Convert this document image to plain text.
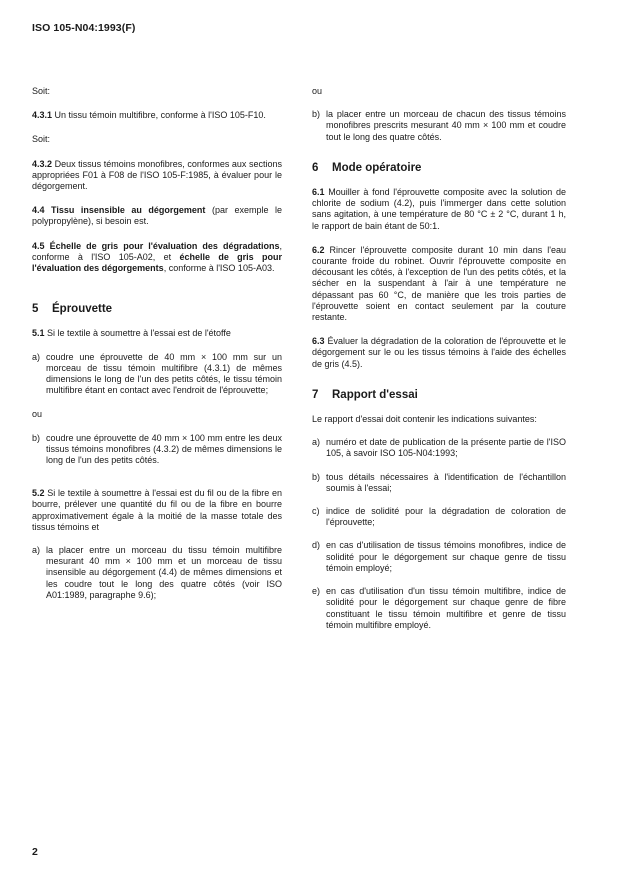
ISO 105-N04:1993(F)

Soit:

4.3.1 Un tissu témoin multifibre, conforme à l'ISO 105-F10.

Soit:

4.3.2 Deux tissus témoins monofibres, conformes aux sections appropriées F01 à F08 de l'ISO 105-F:1985, à évaluer pour le dégorgement.

4.4 Tissu insensible au dégorgement (par exemple le polypropylène), si besoin est.

4.5 Échelle de gris pour l'évaluation des dégradations, conforme à l'ISO 105-A02, et échelle de gris pour l'évaluation des dégorgements, conforme à l'ISO 105-A03.

5 Éprouvette

5.1 Si le textile à soumettre à l'essai est de l'étoffe

a) coudre une éprouvette de 40 mm × 100 mm sur un morceau de tissu témoin multifibre (4.3.1) de mêmes dimensions le long de l'un des petits côtés, le tissu témoin multifibre étant en contact avec l'endroit de l'éprouvette;

ou

b) coudre une éprouvette de 40 mm × 100 mm entre les deux tissus témoins monofibres (4.3.2) de mêmes dimensions le long de l'un des petits côtés.

5.2 Si le textile à soumettre à l'essai est du fil ou de la fibre en bourre, prélever une quantité du fil ou de la fibre en bourre approximativement égale à la moitié de la masse totale des tissus témoins et

a) la placer entre un morceau du tissu témoin multifibre mesurant 40 mm × 100 mm et un morceau de tissu insensible au dégorgement (4.4) de mêmes dimensions et les coudre tout le long des quatre côtés (voir ISO A01:1989, paragraphe 9.6);

ou

b) la placer entre un morceau de chacun des tissus témoins monofibres prescrits mesurant 40 mm × 100 mm et coudre tout le long des quatre côtés.

6 Mode opératoire

6.1 Mouiller à fond l'éprouvette composite avec la solution de chlorite de sodium (4.2), puis l'immerger dans cette solution sans agitation, à une température de 80 °C ± 2 °C, durant 1 h, le rapport de bain étant de 50:1.

6.2 Rincer l'éprouvette composite durant 10 min dans l'eau courante froide du robinet. Ouvrir l'éprouvette composite en décousant les côtés, à l'exception de l'un des petits côtés, et la sécher en la suspendant à l'air à une température ne dépassant pas 60 °C, de manière que les trois parties de l'éprouvette soient en contact seulement par la couture restante.

6.3 Évaluer la dégradation de la coloration de l'éprouvette et le dégorgement sur le ou les tissus témoins à l'aide des échelles de gris (4.5).

7 Rapport d'essai

Le rapport d'essai doit contenir les indications suivantes:

a) numéro et date de publication de la présente partie de l'ISO 105, à savoir ISO 105-N04:1993;
b) tous détails nécessaires à l'identification de l'échantillon soumis à l'essai;
c) indice de solidité pour la dégradation de coloration de l'éprouvette;
d) en cas d'utilisation de tissus témoins monofibres, indice de solidité pour le dégorgement sur chaque genre de tissu témoin employé;
e) en cas d'utilisation d'un tissu témoin multifibre, indice de solidité pour le dégorgement sur chaque genre de fibre constituant le tissu témoin multifibre et genre de tissu témoin multifibre employé.
2
